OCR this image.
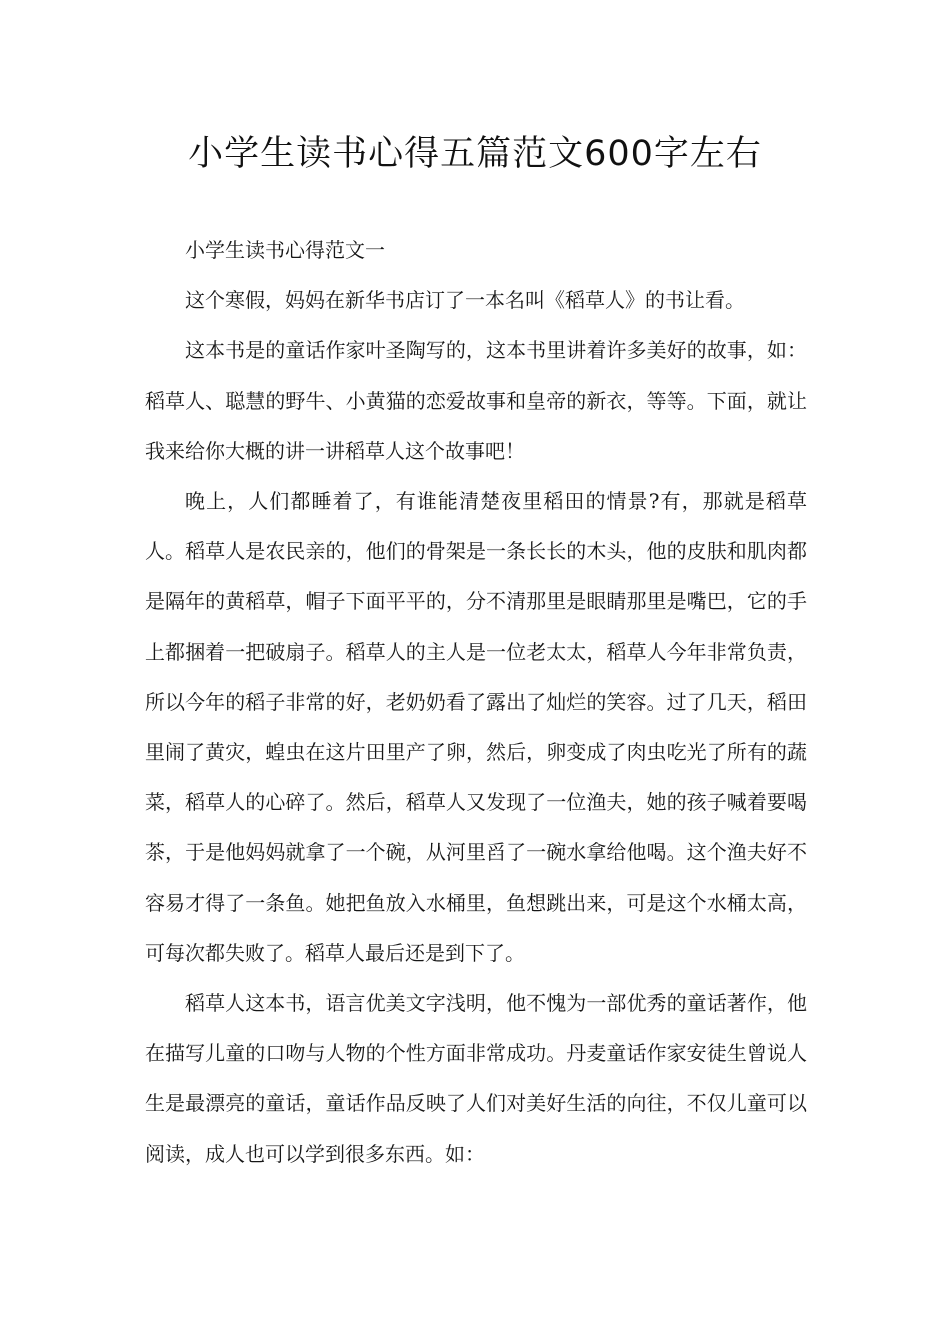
小学生读书心得五篇范文600字左右

小学生读书心得范文一

这个寒假，妈妈在新华书店订了一本名叫《稻草人》的书让看。

这本书是的童话作家叶圣陶写的，这本书里讲着许多美好的故事，如：稻草人、聪慧的野牛、小黄猫的恋爱故事和皇帝的新衣，等等。下面，就让我来给你大概的讲一讲稻草人这个故事吧！

晚上，人们都睡着了，有谁能清楚夜里稻田的情景?有，那就是稻草人。稻草人是农民亲的，他们的骨架是一条长长的木头，他的皮肤和肌肉都是隔年的黄稻草，帽子下面平平的，分不清那里是眼睛那里是嘴巴，它的手上都捆着一把破扇子。稻草人的主人是一位老太太，稻草人今年非常负责，所以今年的稻子非常的好，老奶奶看了露出了灿烂的笑容。过了几天，稻田里闹了黄灾，蝗虫在这片田里产了卵，然后，卵变成了肉虫吃光了所有的蔬菜，稻草人的心碎了。然后，稻草人又发现了一位渔夫，她的孩子喊着要喝茶，于是他妈妈就拿了一个碗，从河里舀了一碗水拿给他喝。这个渔夫好不容易才得了一条鱼。她把鱼放入水桶里，鱼想跳出来，可是这个水桶太高，可每次都失败了。稻草人最后还是到下了。

稻草人这本书，语言优美文字浅明，他不愧为一部优秀的童话著作，他在描写儿童的口吻与人物的个性方面非常成功。丹麦童话作家安徒生曾说人生是最漂亮的童话，童话作品反映了人们对美好生活的向往，不仅儿童可以阅读，成人也可以学到很多东西。如：
